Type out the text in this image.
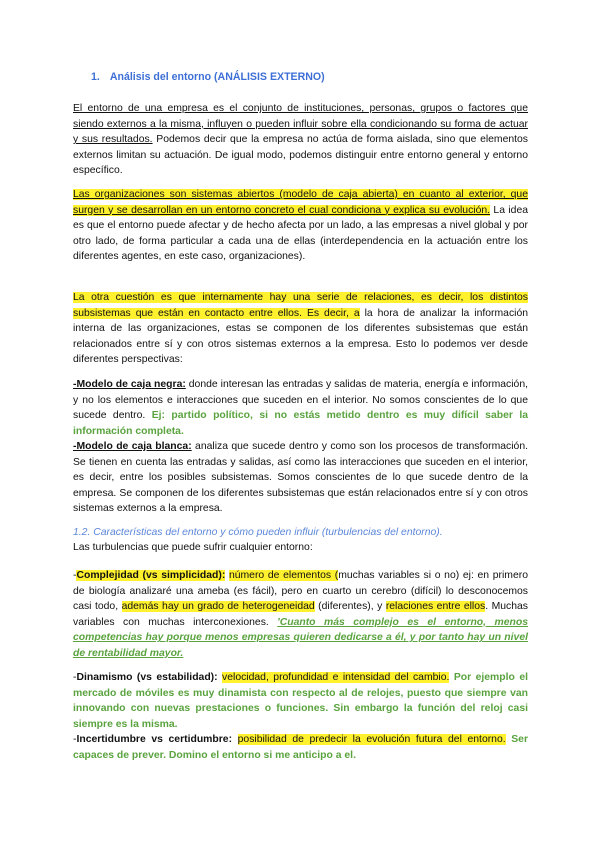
1. Análisis del entorno (ANÁLISIS EXTERNO)

El entorno de una empresa es el conjunto de instituciones, personas, grupos o factores que siendo externos a la misma, influyen o pueden influir sobre ella condicionando su forma de actuar y sus resultados. Podemos decir que la empresa no actúa de forma aislada, sino que elementos externos limitan su actuación. De igual modo, podemos distinguir entre entorno general y entorno específico.

Las organizaciones son sistemas abiertos (modelo de caja abierta) en cuanto al exterior, que surgen y se desarrollan en un entorno concreto el cual condiciona y explica su evolución. La idea es que el entorno puede afectar y de hecho afecta por un lado, a las empresas a nivel global y por otro lado, de forma particular a cada una de ellas (interdependencia en la actuación entre los diferentes agentes, en este caso, organizaciones).

La otra cuestión es que internamente hay una serie de relaciones, es decir, los distintos subsistemas que están en contacto entre ellos. Es decir, a la hora de analizar la información interna de las organizaciones, estas se componen de los diferentes subsistemas que están relacionados entre sí y con otros sistemas externos a la empresa. Esto lo podemos ver desde diferentes perspectivas:

-Modelo de caja negra: donde interesan las entradas y salidas de materia, energía e información, y no los elementos e interacciones que suceden en el interior. No somos conscientes de lo que sucede dentro. Ej: partido político, si no estás metido dentro es muy difícil saber la información completa.

-Modelo de caja blanca: analiza que sucede dentro y como son los procesos de transformación. Se tienen en cuenta las entradas y salidas, así como las interacciones que suceden en el interior, es decir, entre los posibles subsistemas. Somos conscientes de lo que sucede dentro de la empresa. Se componen de los diferentes subsistemas que están relacionados entre sí y con otros sistemas externos a la empresa.

1.2. Características del entorno y cómo pueden influir (turbulencias del entorno).

Las turbulencias que puede sufrir cualquier entorno:

-Complejidad (vs simplicidad): número de elementos (muchas variables si o no) ej: en primero de biología analizaré una ameba (es fácil), pero en cuarto un cerebro (difícil) lo desconocemos casi todo, además hay un grado de heterogeneidad (diferentes), y relaciones entre ellos. Muchas variables con muchas interconexiones. 'Cuanto más complejo es el entorno, menos competencias hay porque menos empresas quieren dedicarse a él, y por tanto hay un nivel de rentabilidad mayor.

-Dinamismo (vs estabilidad): velocidad, profundidad e intensidad del cambio. Por ejemplo el mercado de móviles es muy dinamista con respecto al de relojes, puesto que siempre van innovando con nuevas prestaciones o funciones. Sin embargo la función del reloj casi siempre es la misma.

-Incertidumbre vs certidumbre: posibilidad de predecir la evolución futura del entorno. Ser capaces de prever. Domino el entorno si me anticipo a el.
